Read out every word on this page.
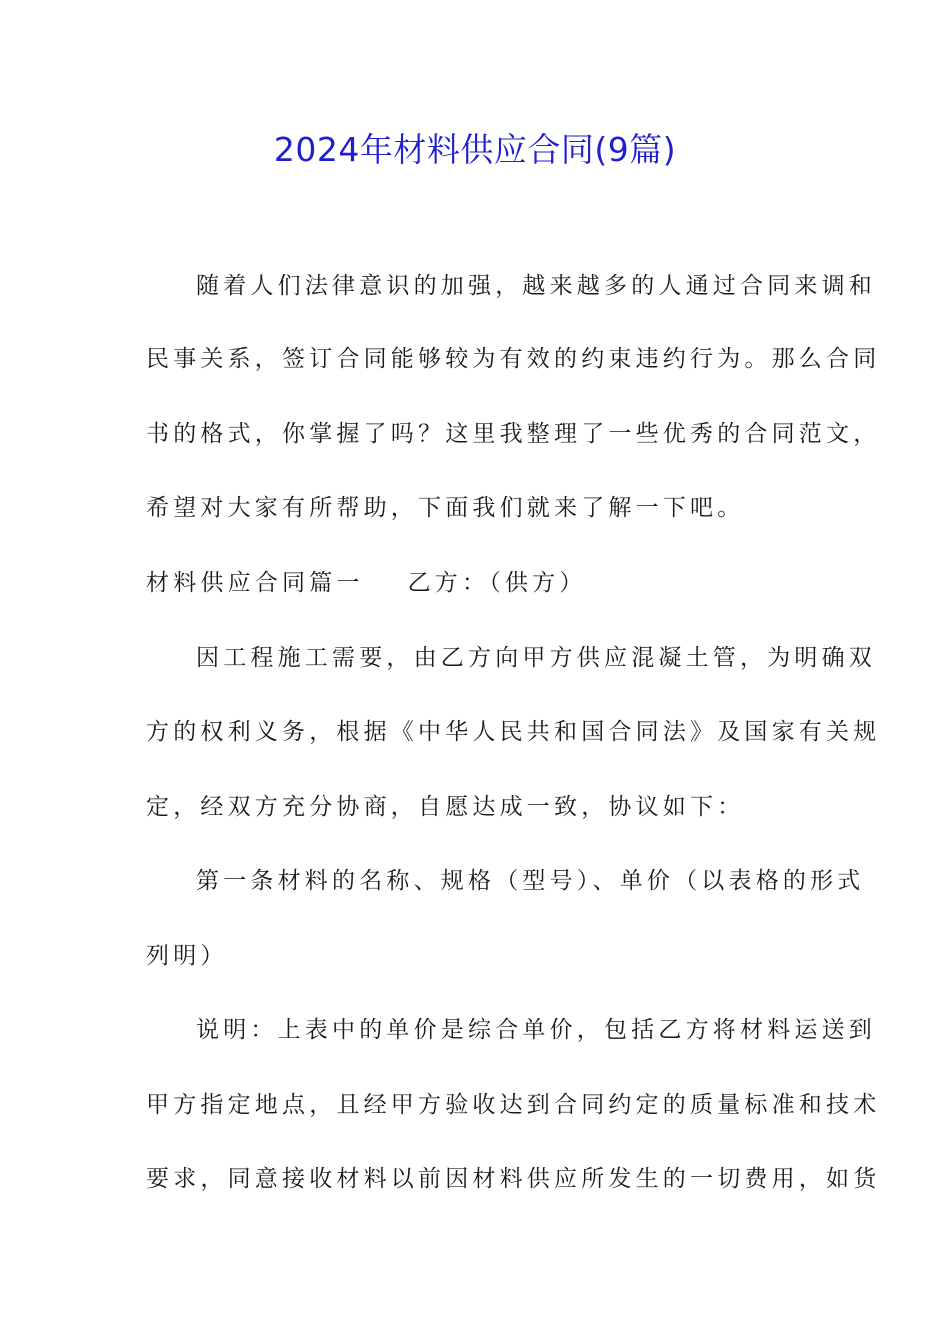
2024年材料供应合同(9篇)
随着人们法律意识的加强，越来越多的人通过合同来调和
民事关系，签订合同能够较为有效的约束违约行为。那么合同
书的格式，你掌握了吗？这里我整理了一些优秀的合同范文，
希望对大家有所帮助，下面我们就来了解一下吧。
材料供应合同篇一 乙方：（供方）
因工程施工需要，由乙方向甲方供应混凝土管，为明确双
方的权利义务，根据《中华人民共和国合同法》及国家有关规
定，经双方充分协商，自愿达成一致，协议如下：
第一条材料的名称、规格（型号）、单价（以表格的形式
列明）
说明：上表中的单价是综合单价，包括乙方将材料运送到
甲方指定地点，且经甲方验收达到合同约定的质量标准和技术
要求，同意接收材料以前因材料供应所发生的一切费用，如货
